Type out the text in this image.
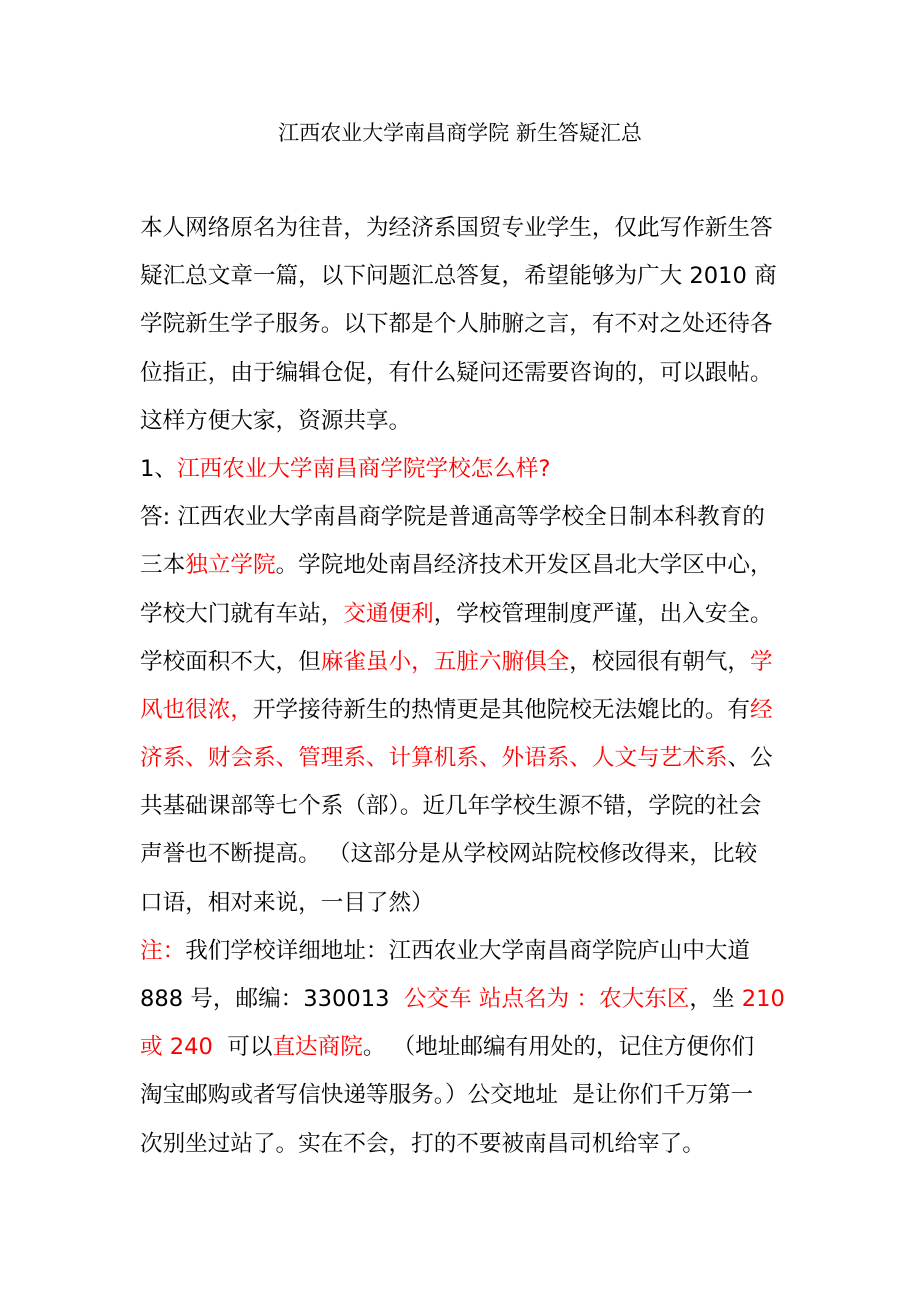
江西农业大学南昌商学院 新生答疑汇总
本人网络原名为往昔，为经济系国贸专业学生，仅此写作新生答
疑汇总文章一篇，以下问题汇总答复，希望能够为广大 2010 商
学院新生学子服务。以下都是个人肺腑之言，有不对之处还待各
位指正，由于编辑仓促，有什么疑问还需要咨询的，可以跟帖。
这样方便大家，资源共享。
1、江西农业大学南昌商学院学校怎么样?
答: 江西农业大学南昌商学院是普通高等学校全日制本科教育的
三本独立学院。学院地处南昌经济技术开发区昌北大学区中心，
学校大门就有车站，交通便利，学校管理制度严谨，出入安全。
学校面积不大，但麻雀虽小，五脏六腑俱全，校园很有朝气，学
风也很浓，开学接待新生的热情更是其他院校无法媲比的。有经
济系、财会系、管理系、计算机系、外语系、人文与艺术系、公
共基础课部等七个系（部）。近几年学校生源不错，学院的社会
声誉也不断提高。 （这部分是从学校网站院校修改得来，比较
口语，相对来说，一目了然）
注：我们学校详细地址：江西农业大学南昌商学院庐山中大道
888 号，邮编：330013  公交车 站点名为 ：农大东区，坐 210
或 240  可以直达商院。 （地址邮编有用处的，记住方便你们
淘宝邮购或者写信快递等服务。）公交地址  是让你们千万第一
次别坐过站了。实在不会，打的不要被南昌司机给宰了。
